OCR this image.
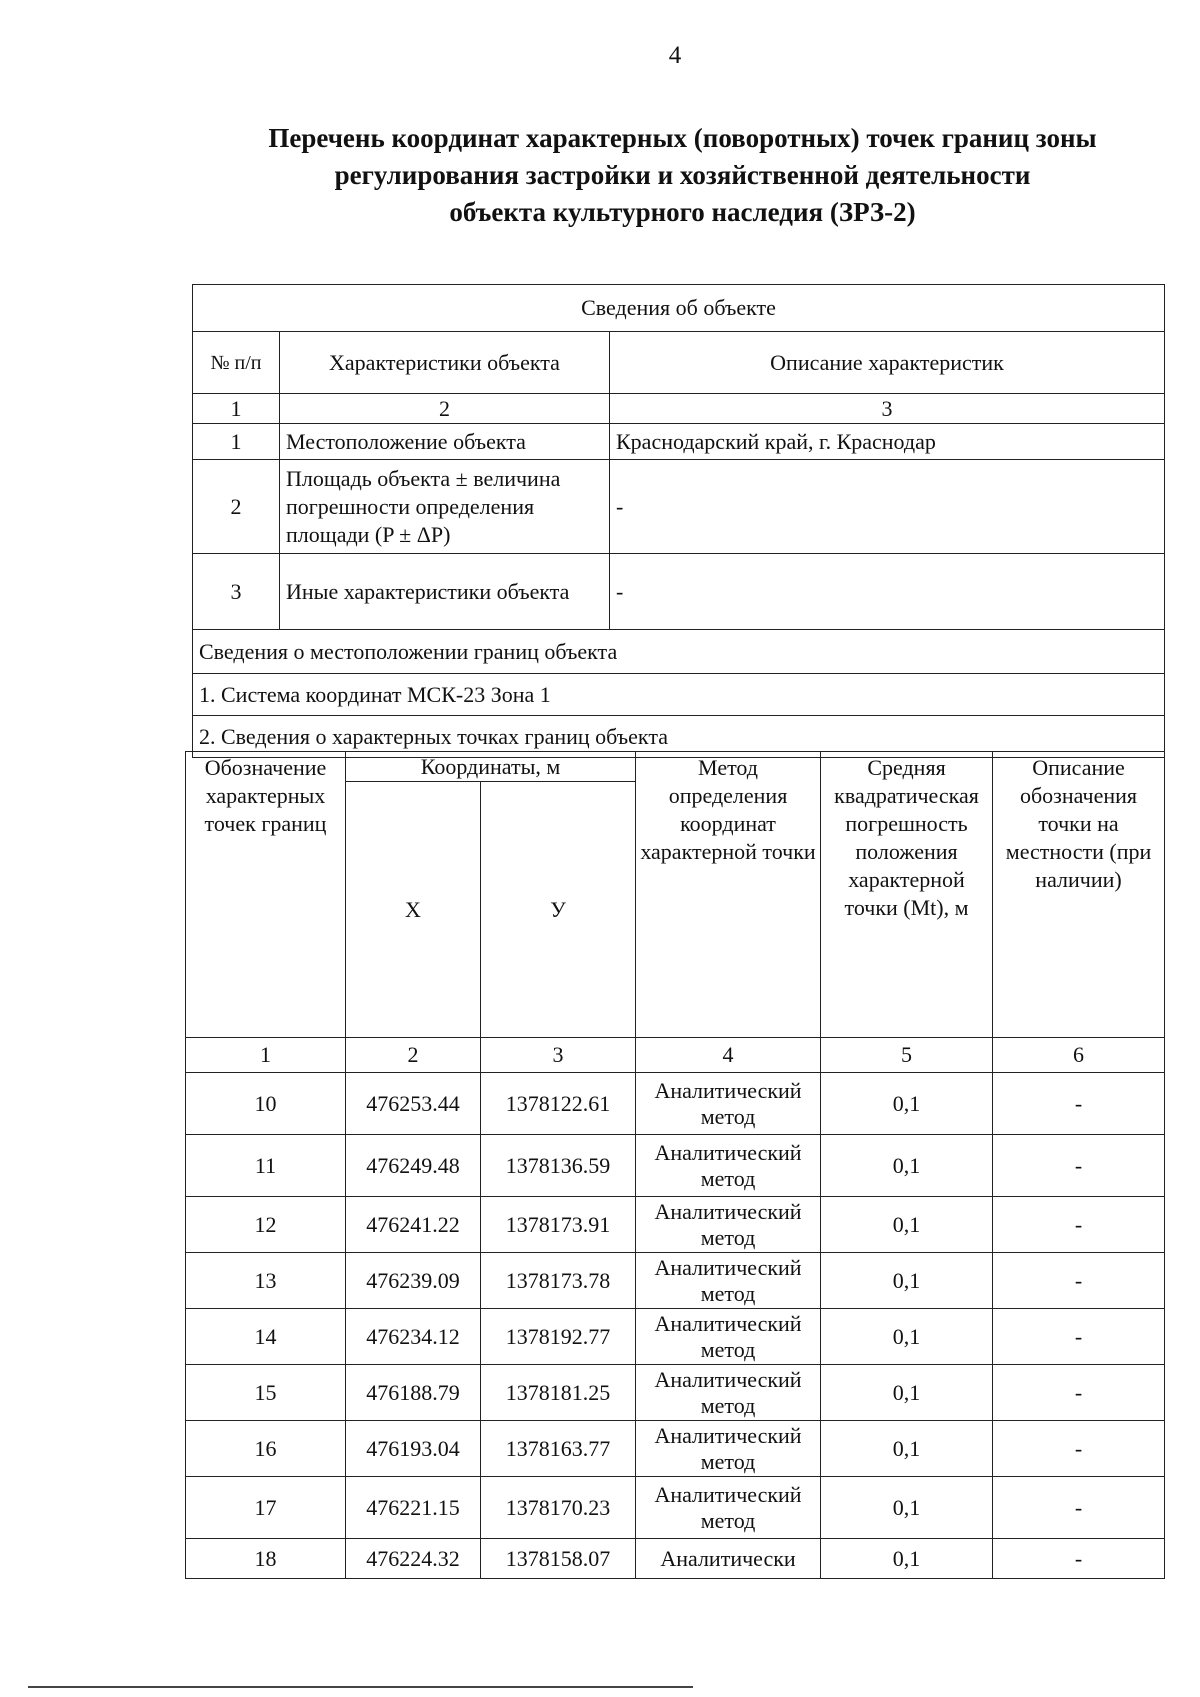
4
Перечень координат характерных (поворотных) точек границ зоны
регулирования застройки и хозяйственной деятельности
объекта культурного наследия (ЗРЗ-2)
Сведения об объекте		
№ п/п	Характеристики объекта	Описание характеристик
1	2	3
1	Местоположение объекта	Краснодарский край, г. Краснодар
2	Площадь объекта ± величина погрешности определения площади (P ± ΔP)	-
3	Иные характеристики объекта	-
Сведения о местоположении границ объекта		
1. Система координат МСК-23 Зона 1		
2. Сведения о характерных точках границ объекта		
Обозначение характерных точек границ	Координаты, м		Метод определения координат характерной точки	Средняя квадратическая погрешность положения характерной точки (Mt), м	Описание обозначения точки на местности (при наличии)
	X	У			
1	2	3	4	5	6
10	476253.44	1378122.61	Аналитический метод	0,1	-
11	476249.48	1378136.59	Аналитический метод	0,1	-
12	476241.22	1378173.91	Аналитический метод	0,1	-
13	476239.09	1378173.78	Аналитический метод	0,1	-
14	476234.12	1378192.77	Аналитический метод	0,1	-
15	476188.79	1378181.25	Аналитический метод	0,1	-
16	476193.04	1378163.77	Аналитический метод	0,1	-
17	476221.15	1378170.23	Аналитический метод	0,1	-
18	476224.32	1378158.07	Аналитически	0,1	-
